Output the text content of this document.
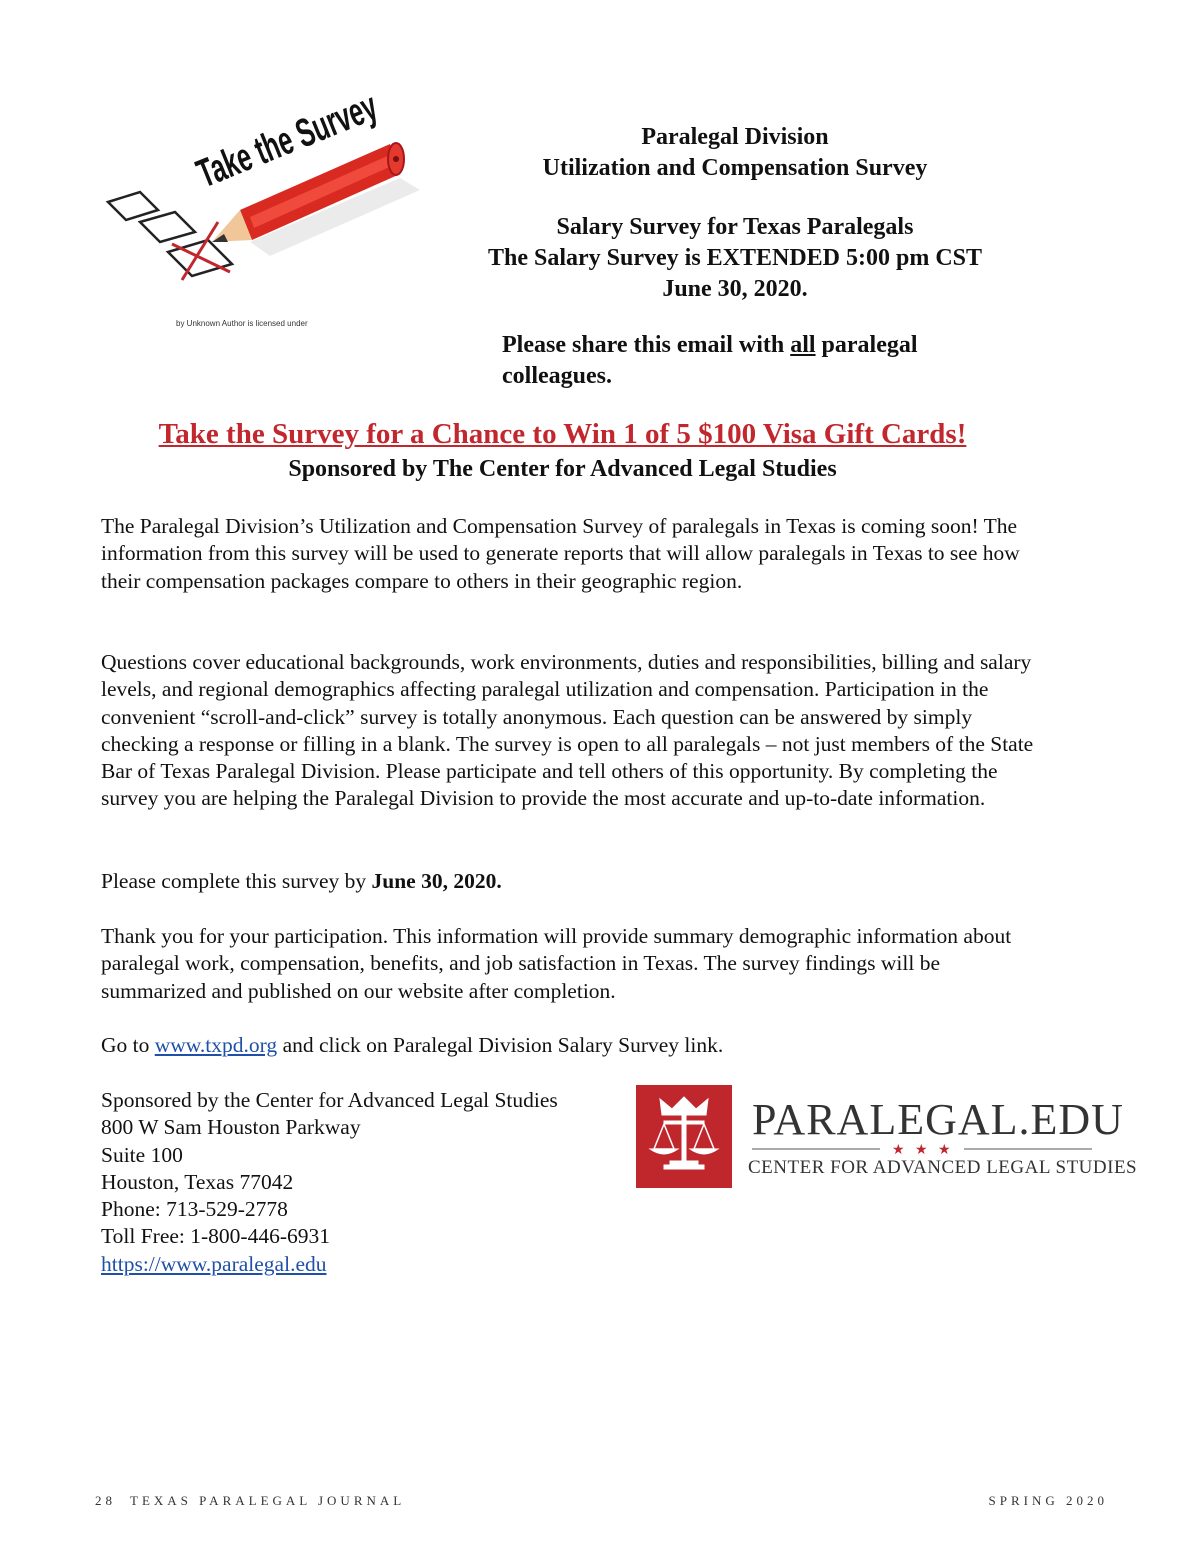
Take the Survey
by Unknown Author is licensed under
Paralegal Division
Utilization and Compensation Survey
Salary Survey for Texas Paralegals
The Salary Survey is EXTENDED 5:00 pm CST
June 30, 2020.
Please share this email with all paralegal colleagues.
Take the Survey for a Chance to Win 1 of 5 $100 Visa Gift Cards!
Sponsored by The Center for Advanced Legal Studies
The Paralegal Division’s Utilization and Compensation Survey of paralegals in Texas is coming soon! The information from this survey will be used to generate reports that will allow paralegals in Texas to see how their compensation packages compare to others in their geographic region.
Questions cover educational backgrounds, work environments, duties and responsibilities, billing and salary levels, and regional demographics affecting paralegal utilization and compensation. Participation in the convenient “scroll-and-click” survey is totally anonymous. Each question can be answered by simply checking a response or filling in a blank. The survey is open to all paralegals – not just members of the State Bar of Texas Paralegal Division. Please participate and tell others of this opportunity. By completing the survey you are helping the Paralegal Division to provide the most accurate and up-to-date information.
Please complete this survey by June 30, 2020.
Thank you for your participation. This information will provide summary demographic information about paralegal work, compensation, benefits, and job satisfaction in Texas. The survey findings will be summarized and published on our website after completion.
Go to www.txpd.org and click on Paralegal Division Salary Survey link.
Sponsored by the Center for Advanced Legal Studies
800 W Sam Houston Parkway
Suite 100
Houston, Texas 77042
Phone: 713-529-2778
Toll Free: 1-800-446-6931
https://www.paralegal.edu
PARALEGAL.EDU
★ ★ ★
CENTER FOR ADVANCED LEGAL STUDIES
28 TEXAS PARALEGAL JOURNAL	SPRING 2020
